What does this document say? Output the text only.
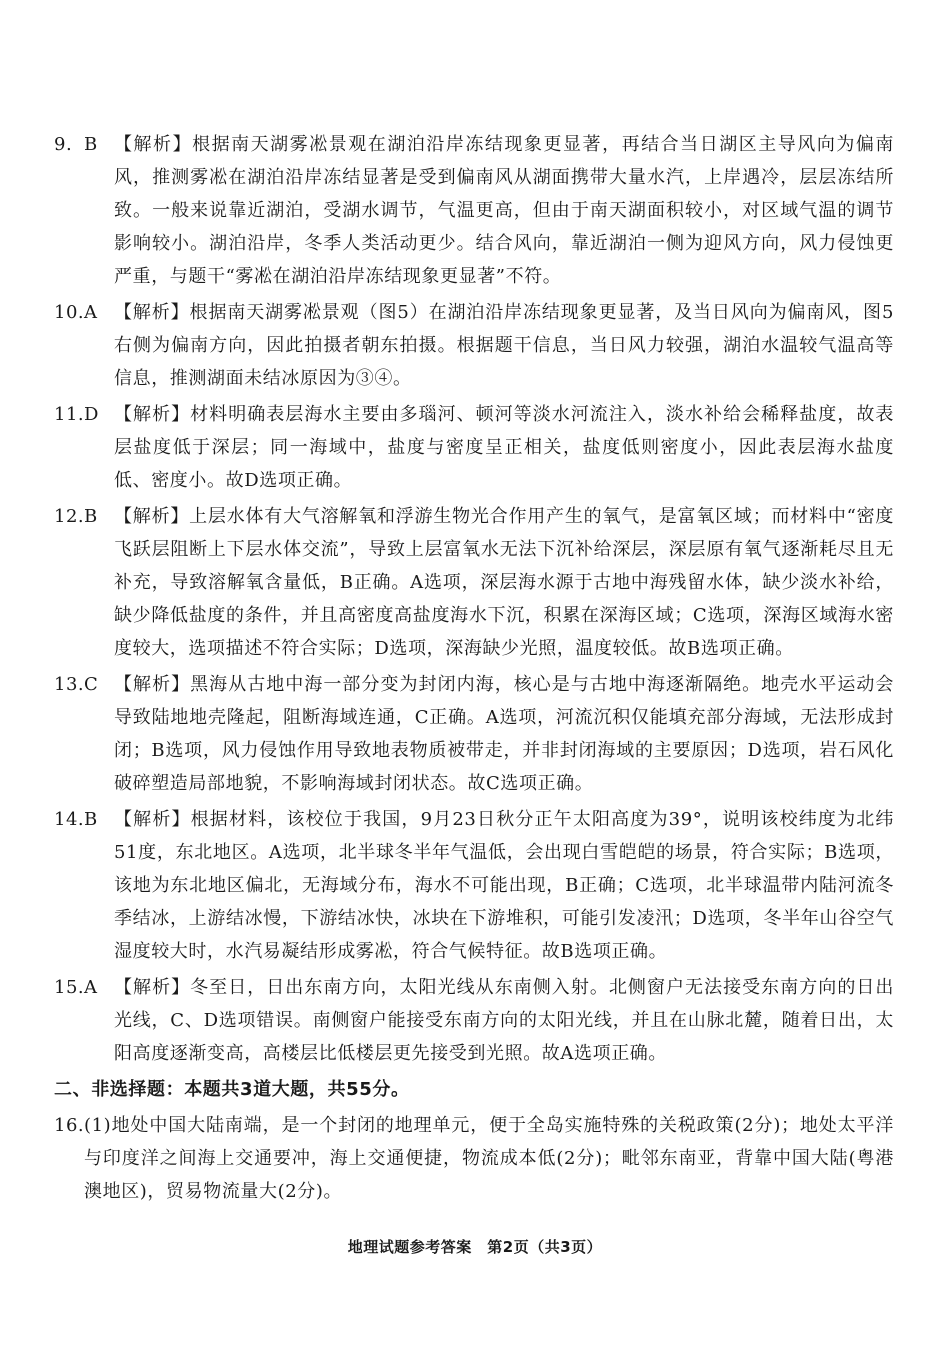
9. B 【解析】根据南天湖雾凇景观在湖泊沿岸冻结现象更显著，再结合当日湖区主导风向为偏南风，推测雾凇在湖泊沿岸冻结显著是受到偏南风从湖面携带大量水汽，上岸遇冷，层层冻结所致。一般来说靠近湖泊，受湖水调节，气温更高，但由于南天湖面积较小，对区域气温的调节影响较小。湖泊沿岸，冬季人类活动更少。结合风向，靠近湖泊一侧为迎风方向，风力侵蚀更严重，与题干“雾凇在湖泊沿岸冻结现象更显著”不符。
10. A 【解析】根据南天湖雾凇景观（图5）在湖泊沿岸冻结现象更显著，及当日风向为偏南风，图5右侧为偏南方向，因此拍摄者朝东拍摄。根据题干信息，当日风力较强，湖泊水温较气温高等信息，推测湖面未结冰原因为③④。
11. D 【解析】材料明确表层海水主要由多瑙河、顿河等淡水河流注入，淡水补给会稀释盐度，故表层盐度低于深层；同一海域中，盐度与密度呈正相关，盐度低则密度小，因此表层海水盐度低、密度小。故D选项正确。
12. B 【解析】上层水体有大气溶解氧和浮游生物光合作用产生的氧气，是富氧区域；而材料中“密度飞跃层阻断上下层水体交流”，导致上层富氧水无法下沉补给深层，深层原有氧气逐渐耗尽且无补充，导致溶解氧含量低，B正确。A选项，深层海水源于古地中海残留水体，缺少淡水补给，缺少降低盐度的条件，并且高密度高盐度海水下沉，积累在深海区域；C选项，深海区域海水密度较大，选项描述不符合实际；D选项，深海缺少光照，温度较低。故B选项正确。
13. C 【解析】黑海从古地中海一部分变为封闭内海，核心是与古地中海逐渐隔绝。地壳水平运动会导致陆地地壳隆起，阻断海域连通，C正确。A选项，河流沉积仅能填充部分海域，无法形成封闭；B选项，风力侵蚀作用导致地表物质被带走，并非封闭海域的主要原因；D选项，岩石风化破碎塑造局部地貌，不影响海域封闭状态。故C选项正确。
14. B 【解析】根据材料，该校位于我国，9月23日秋分正午太阳高度为39°，说明该校纬度为北纬51度，东北地区。A选项，北半球冬半年气温低，会出现白雪皑皑的场景，符合实际；B选项，该地为东北地区偏北，无海域分布，海水不可能出现，B正确；C选项，北半球温带内陆河流冬季结冰，上游结冰慢，下游结冰快，冰块在下游堆积，可能引发凌汛；D选项，冬半年山谷空气湿度较大时，水汽易凝结形成雾凇，符合气候特征。故B选项正确。
15. A 【解析】冬至日，日出东南方向，太阳光线从东南侧入射。北侧窗户无法接受东南方向的日出光线，C、D选项错误。南侧窗户能接受东南方向的太阳光线，并且在山脉北麓，随着日出，太阳高度逐渐变高，高楼层比低楼层更先接受到光照。故A选项正确。
二、非选择题：本题共3道大题，共55分。
16. (1)地处中国大陆南端，是一个封闭的地理单元，便于全岛实施特殊的关税政策(2分)；地处太平洋与印度洋之间海上交通要冲，海上交通便捷，物流成本低(2分)；毗邻东南亚，背靠中国大陆(粤港澳地区)，贸易物流量大(2分)。
地理试题参考答案　第2页（共3页）
